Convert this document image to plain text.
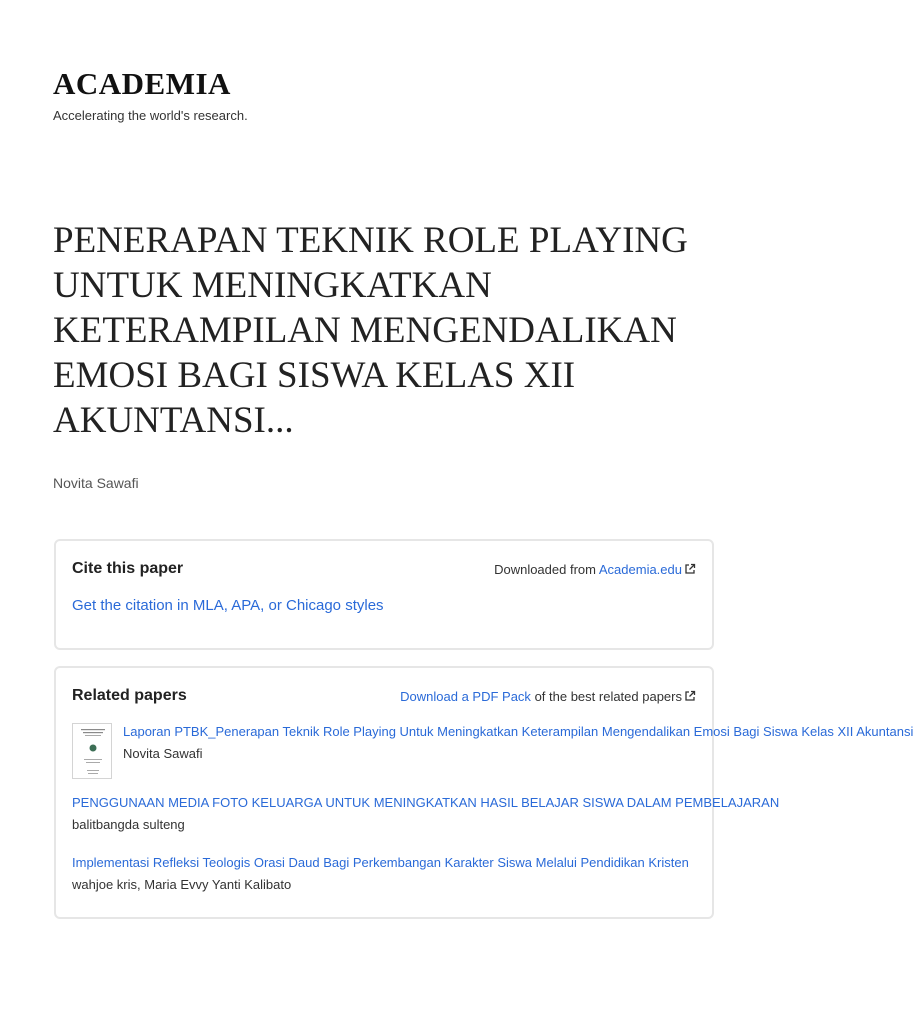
ACADEMIA
Accelerating the world's research.
PENERAPAN TEKNIK ROLE PLAYING UNTUK MENINGKATKAN KETERAMPILAN MENGENDALIKAN EMOSI BAGI SISWA KELAS XII AKUNTANSI...
Novita Sawafi
Cite this paper	Downloaded from Academia.edu
Get the citation in MLA, APA, or Chicago styles
Related papers	Download a PDF Pack of the best related papers
Laporan PTBK_Penerapan Teknik Role Playing Untuk Meningkatkan Keterampilan Mengendalikan Emosi Bagi Siswa Kelas XII Akuntansi
Novita Sawafi
PENGGUNAAN MEDIA FOTO KELUARGA UNTUK MENINGKATKAN HASIL BELAJAR SISWA DALAM PEMBELAJARAN
balitbangda sulteng
Implementasi Refleksi Teologis Orasi Daud Bagi Perkembangan Karakter Siswa Melalui Pendidikan Kristen
wahjoe kris, Maria Evvy Yanti Kalibato
